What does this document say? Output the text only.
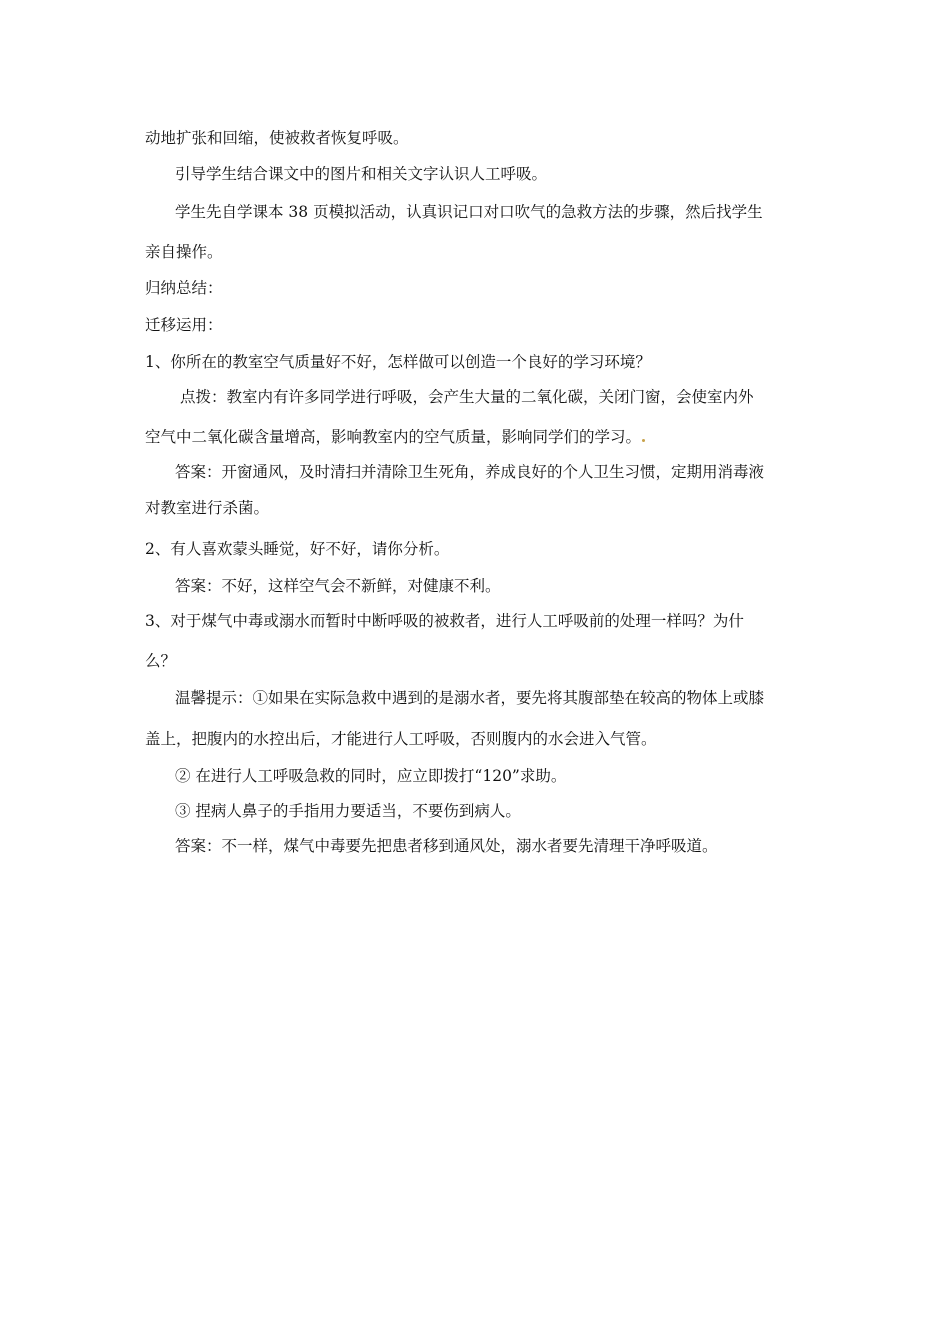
动地扩张和回缩，使被救者恢复呼吸。
引导学生结合课文中的图片和相关文字认识人工呼吸。
学生先自学课本 38 页模拟活动，认真识记口对口吹气的急救方法的步骤，然后找学生
亲自操作。
归纳总结：
迁移运用：
1、你所在的教室空气质量好不好，怎样做可以创造一个良好的学习环境？
点拨：教室内有许多同学进行呼吸，会产生大量的二氧化碳，关闭门窗，会使室内外
空气中二氧化碳含量增高，影响教室内的空气质量，影响同学们的学习。
答案：开窗通风，及时清扫并清除卫生死角，养成良好的个人卫生习惯，定期用消毒液
对教室进行杀菌。
2、有人喜欢蒙头睡觉，好不好，请你分析。
答案：不好，这样空气会不新鲜，对健康不利。
3、对于煤气中毒或溺水而暂时中断呼吸的被救者，进行人工呼吸前的处理一样吗？为什
么？
温馨提示：①如果在实际急救中遇到的是溺水者，要先将其腹部垫在较高的物体上或膝
盖上，把腹内的水控出后，才能进行人工呼吸，否则腹内的水会进入气管。
② 在进行人工呼吸急救的同时，应立即拨打“120”求助。
③ 捏病人鼻子的手指用力要适当，不要伤到病人。
答案：不一样，煤气中毒要先把患者移到通风处，溺水者要先清理干净呼吸道。
